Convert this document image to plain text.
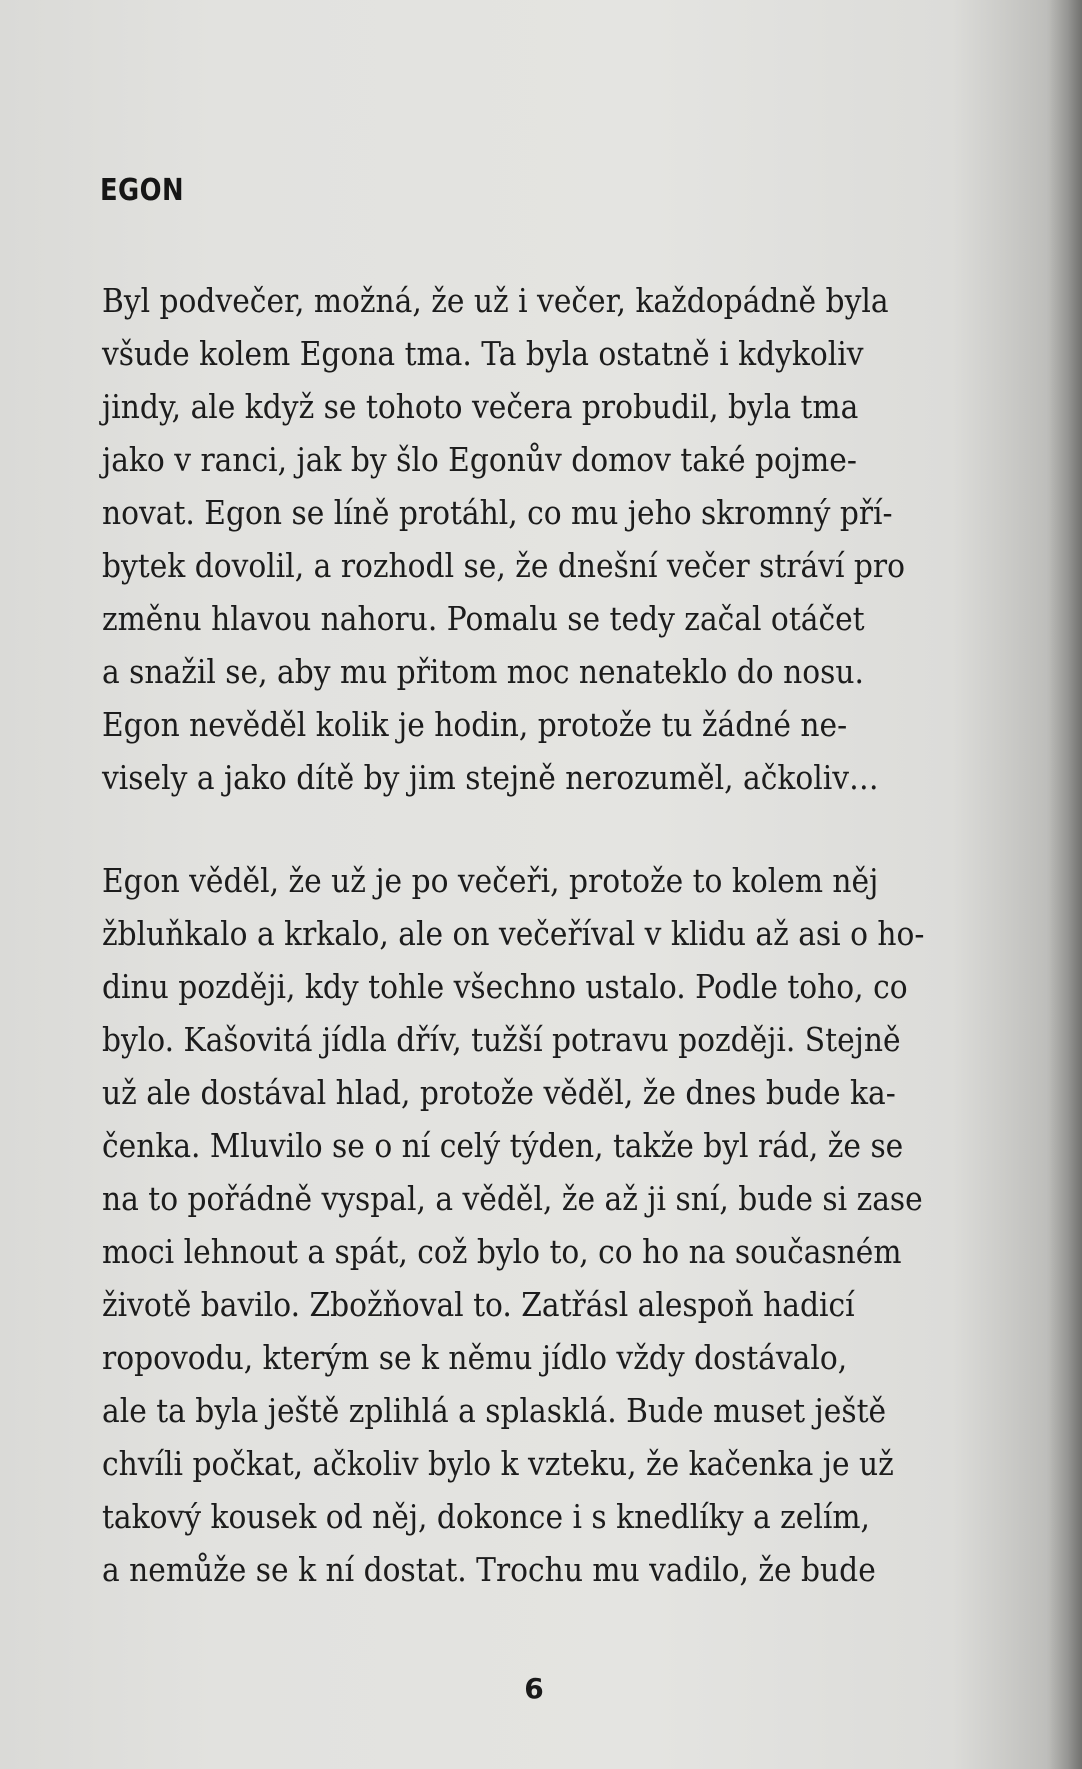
EGON

Byl podvečer, možná, že už i večer, každopádně byla
všude kolem Egona tma. Ta byla ostatně i kdykoliv
jindy, ale když se tohoto večera probudil, byla tma
jako v ranci, jak by šlo Egonův domov také pojme-
novat. Egon se líně protáhl, co mu jeho skromný pří-
bytek dovolil, a rozhodl se, že dnešní večer stráví pro
změnu hlavou nahoru. Pomalu se tedy začal otáčet
a snažil se, aby mu přitom moc nenateklo do nosu.
Egon nevěděl kolik je hodin, protože tu žádné ne-
visely a jako dítě by jim stejně nerozuměl, ačkoliv…

Egon věděl, že už je po večeři, protože to kolem něj
žbluňkalo a krkalo, ale on večeříval v klidu až asi o ho-
dinu později, kdy tohle všechno ustalo. Podle toho, co
bylo. Kašovitá jídla dřív, tužší potravu později. Stejně
už ale dostával hlad, protože věděl, že dnes bude ka-
čenka. Mluvilo se o ní celý týden, takže byl rád, že se
na to pořádně vyspal, a věděl, že až ji sní, bude si zase
moci lehnout a spát, což bylo to, co ho na současném
životě bavilo. Zbožňoval to. Zatřásl alespoň hadicí
ropovodu, kterým se k němu jídlo vždy dostávalo,
ale ta byla ještě zplihlá a splasklá. Bude muset ještě
chvíli počkat, ačkoliv bylo k vzteku, že kačenka je už
takový kousek od něj, dokonce i s knedlíky a zelím,
a nemůže se k ní dostat. Trochu mu vadilo, že bude

6
